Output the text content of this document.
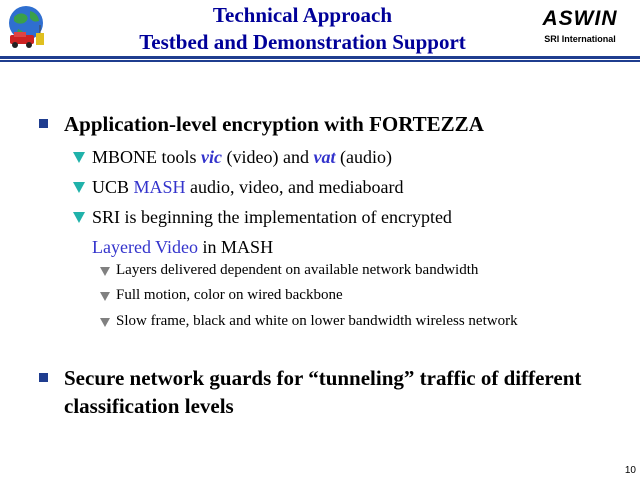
Technical Approach
Testbed and Demonstration Support
ASWIN
SRI International
Application-level encryption with FORTEZZA
MBONE tools vic (video) and vat (audio)
UCB MASH audio, video, and mediaboard
SRI is beginning the implementation of encrypted
Layered Video in MASH
Layers delivered dependent on available network bandwidth
Full motion, color on wired backbone
Slow frame, black and white on lower bandwidth wireless network
Secure network guards for “tunneling” traffic of different classification levels
10
